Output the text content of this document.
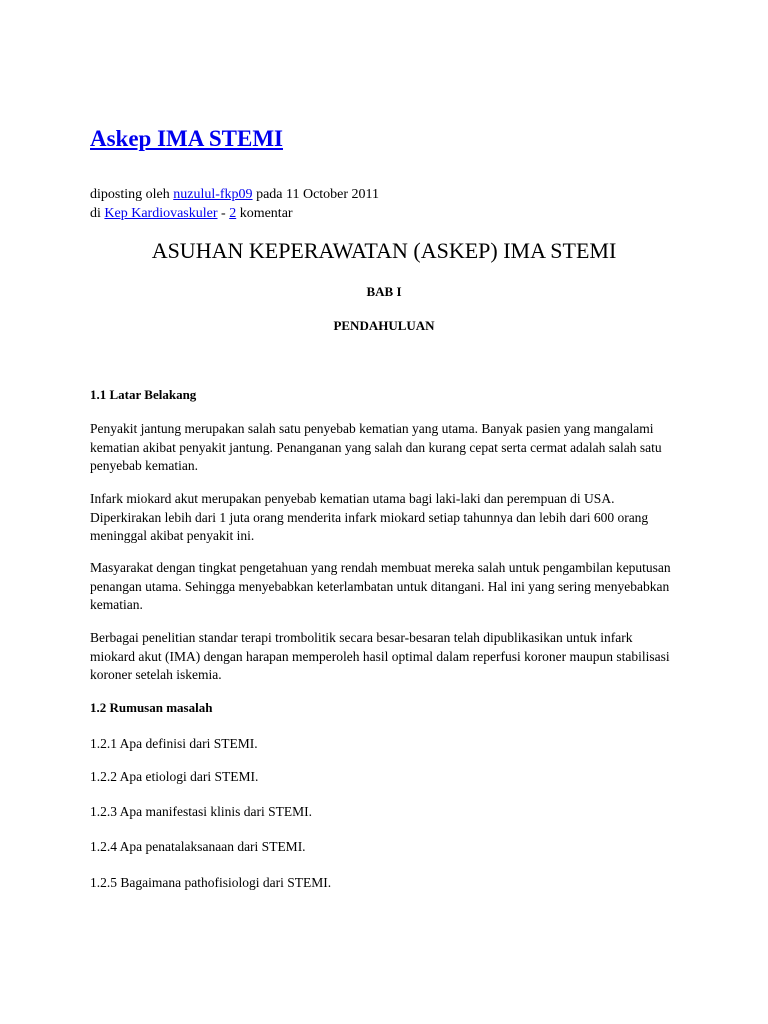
Askep IMA STEMI
diposting oleh nuzulul-fkp09 pada 11 October 2011
di Kep Kardiovaskuler - 2 komentar
ASUHAN KEPERAWATAN (ASKEP) IMA STEMI
BAB I
PENDAHULUAN
1.1 Latar Belakang

Penyakit jantung merupakan salah satu penyebab kematian yang utama. Banyak pasien yang mangalami kematian akibat penyakit jantung. Penanganan yang salah dan kurang cepat serta cermat adalah salah satu penyebab kematian.

Infark miokard akut merupakan penyebab kematian utama bagi laki-laki dan perempuan di USA. Diperkirakan lebih dari 1 juta orang menderita infark miokard setiap tahunnya dan lebih dari 600 orang meninggal akibat penyakit ini.

Masyarakat dengan tingkat pengetahuan yang rendah membuat mereka salah untuk pengambilan keputusan penangan utama. Sehingga menyebabkan keterlambatan untuk ditangani. Hal ini yang sering menyebabkan kematian.

Berbagai penelitian standar terapi trombolitik secara besar-besaran telah dipublikasikan untuk infark miokard akut (IMA) dengan harapan memperoleh hasil optimal dalam reperfusi koroner maupun stabilisasi koroner setelah iskemia.

1.2 Rumusan masalah
1.2.1 Apa definisi dari STEMI.
1.2.2 Apa etiologi dari STEMI.
1.2.3 Apa manifestasi klinis dari STEMI.
1.2.4 Apa penatalaksanaan dari STEMI.
1.2.5 Bagaimana pathofisiologi dari STEMI.
